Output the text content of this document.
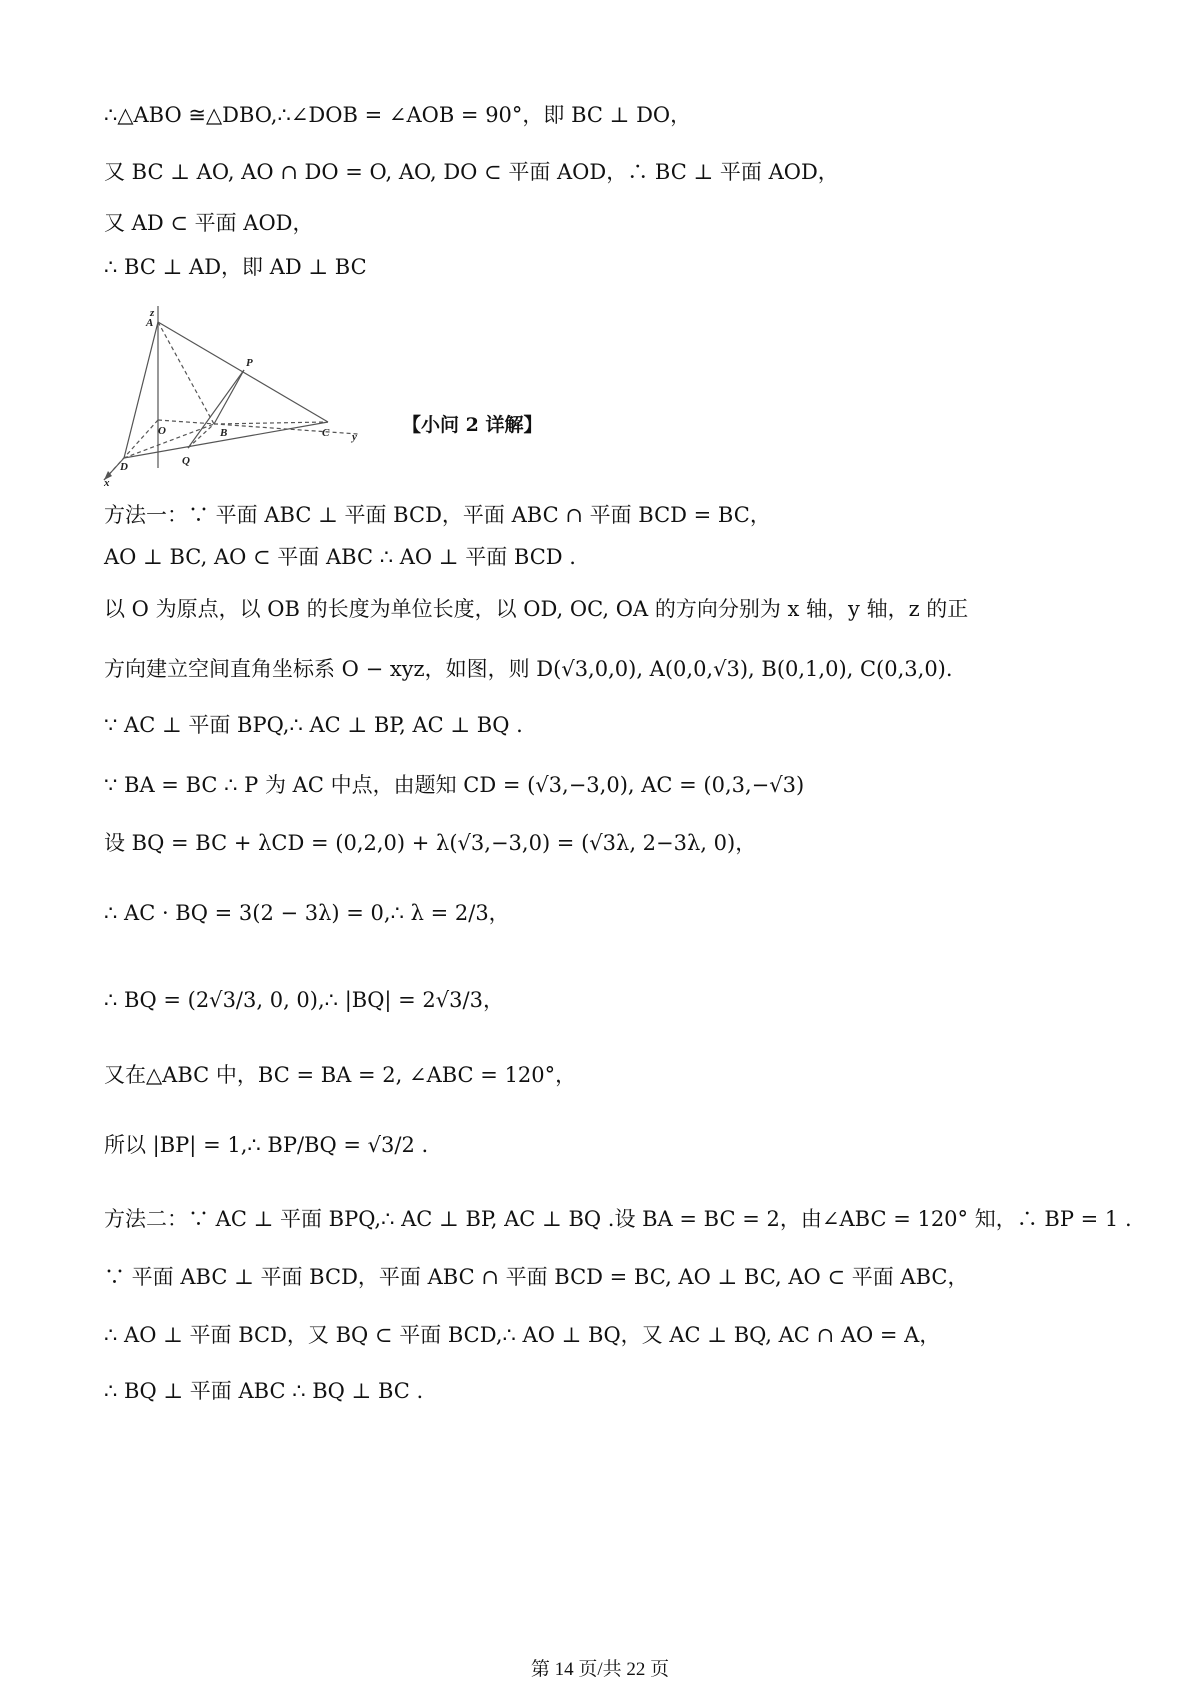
∴△ABO ≅△DBO,∴∠DOB = ∠AOB = 90°，即 BC ⊥ DO，
又 BC ⊥ AO, AO ∩ DO = O, AO, DO ⊂ 平面 AOD，∴ BC ⊥ 平面 AOD，
又 AD ⊂ 平面 AOD，
∴ BC ⊥ AD，即 AD ⊥ BC
z
A
P
O	B	C y
Q
D
x
【小问 2 详解】
方法一：∵ 平面 ABC ⊥ 平面 BCD，平面 ABC ∩ 平面 BCD = BC，
AO ⊥ BC, AO ⊂ 平面 ABC ∴ AO ⊥ 平面 BCD .
以 O 为原点，以 OB 的长度为单位长度，以 OD, OC, OA 的方向分别为 x 轴，y 轴，z 的正
方向建立空间直角坐标系 O − xyz，如图，则 D(√3,0,0), A(0,0,√3), B(0,1,0), C(0,3,0).
∵ AC ⊥ 平面 BPQ,∴ AC ⊥ BP, AC ⊥ BQ .
∵ BA = BC ∴ P 为 AC 中点，由题知 CD = (√3,−3,0), AC = (0,3,−√3)
设 BQ = BC + λCD = (0,2,0) + λ(√3,−3,0) = (√3λ, 2−3λ, 0)，
∴ AC · BQ = 3(2 − 3λ) = 0,∴ λ = 2/3，
∴ BQ = (2√3/3, 0, 0),∴ |BQ| = 2√3/3，
又在△ABC 中，BC = BA = 2, ∠ABC = 120°，
所以 |BP| = 1,∴ BP/BQ = √3/2 .
方法二：∵ AC ⊥ 平面 BPQ,∴ AC ⊥ BP, AC ⊥ BQ .设 BA = BC = 2，由∠ABC = 120° 知，∴ BP = 1 .
∵ 平面 ABC ⊥ 平面 BCD，平面 ABC ∩ 平面 BCD = BC, AO ⊥ BC, AO ⊂ 平面 ABC，
∴ AO ⊥ 平面 BCD，又 BQ ⊂ 平面 BCD,∴ AO ⊥ BQ，又 AC ⊥ BQ, AC ∩ AO = A，
∴ BQ ⊥ 平面 ABC ∴ BQ ⊥ BC .
第 14 页/共 22 页
